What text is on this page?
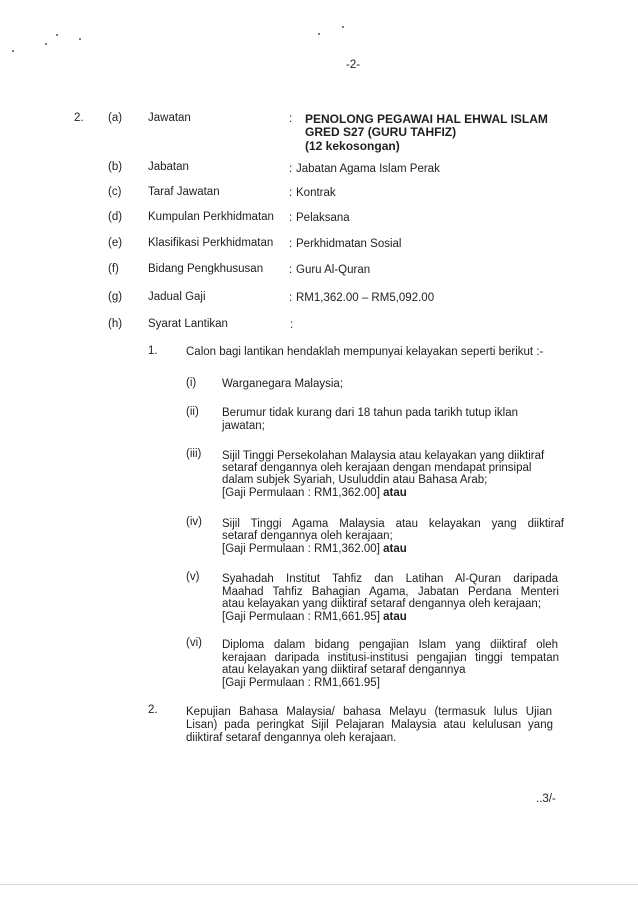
-2-
2. (a) Jawatan	: PENOLONG PEGAWAI HAL EHWAL ISLAM
GRED S27 (GURU TAHFIZ)
(12 kekosongan)
(b) Jabatan	: Jabatan Agama Islam Perak
(c) Taraf Jawatan	: Kontrak
(d) Kumpulan Perkhidmatan : Pelaksana
(e) Klasifikasi Perkhidmatan : Perkhidmatan Sosial
(f)	Bidang Pengkhususan : Guru Al-Quran
(g) Jadual Gaji	: RM1,362.00 – RM5,092.00
(h) Syarat Lantikan	:
1. Calon bagi lantikan hendaklah mempunyai kelayakan seperti berikut :-
(i) Warganegara Malaysia;
(ii) Berumur tidak kurang dari 18 tahun pada tarikh tutup iklan
jawatan;
(iii) Sijil Tinggi Persekolahan Malaysia atau kelayakan yang diiktiraf
setaraf dengannya oleh kerajaan dengan mendapat prinsipal
dalam subjek Syariah, Usuluddin atau Bahasa Arab;
[Gaji Permulaan : RM1,362.00] atau
(iv) Sijil Tinggi Agama Malaysia atau kelayakan yang diiktiraf
setaraf dengannya oleh kerajaan;
[Gaji Permulaan : RM1,362.00] atau
(v) Syahadah Institut Tahfiz dan Latihan Al-Quran daripada
Maahad Tahfiz Bahagian Agama, Jabatan Perdana Menteri
atau kelayakan yang diiktiraf setaraf dengannya oleh kerajaan;
[Gaji Permulaan : RM1,661.95] atau
(vi) Diploma dalam bidang pengajian Islam yang diiktiraf oleh
kerajaan daripada institusi-institusi pengajian tinggi tempatan
atau kelayakan yang diiktiraf setaraf dengannya
[Gaji Permulaan : RM1,661.95]
2. Kepujian Bahasa Malaysia/ bahasa Melayu (termasuk lulus Ujian
Lisan) pada peringkat Sijil Pelajaran Malaysia atau kelulusan yang
diiktiraf setaraf dengannya oleh kerajaan.
..3/-
